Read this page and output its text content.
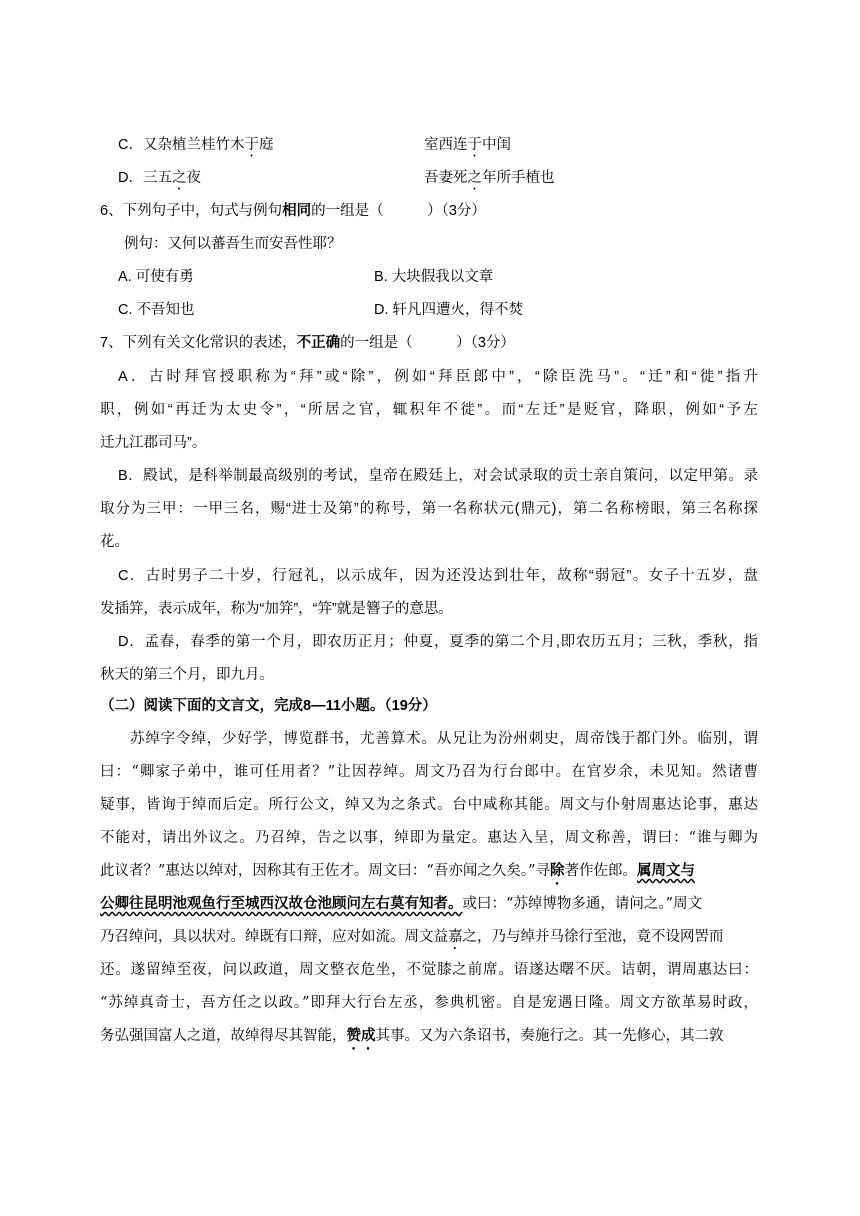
C．又杂植兰桂竹木于庭	室西连于中闺
D．三五之夜	吾妻死之年所手植也
6、下列句子中，句式与例句相同的一组是（　　　）（3分）
例句：又何以蕃吾生而安吾性耶？
A. 可使有勇	B. 大块假我以文章
C. 不吾知也	D. 轩凡四遭火，得不焚
7、下列有关文化常识的表述，不正确的一组是（　　　）（3分）
A．古时拜官授职称为“拜”或“除”，例如“拜臣郎中”，“除臣洗马”。“迁”和“徙”指升
职，例如“再迁为太史令”，“所居之官，辄积年不徙”。而“左迁”是贬官，降职，例如“予左
迁九江郡司马”。
B．殿试，是科举制最高级别的考试，皇帝在殿廷上，对会试录取的贡士亲自策问，以定甲第。录
取分为三甲：一甲三名，赐“进士及第”的称号，第一名称状元(鼎元)，第二名称榜眼，第三名称探
花。
C．古时男子二十岁，行冠礼，以示成年，因为还没达到壮年，故称“弱冠”。女子十五岁，盘
发插笄，表示成年，称为“加笄”，“笄”就是簪子的意思。
D．孟春，春季的第一个月，即农历正月；仲夏，夏季的第二个月,即农历五月；三秋，季秋，指
秋天的第三个月，即九月。
（二）阅读下面的文言文，完成8—11小题。（19分）
苏绰字令绰，少好学，博览群书，尤善算术。从兄让为汾州刺史，周帝饯于都门外。临别，谓
曰：“卿家子弟中，谁可任用者？”让因荐绰。周文乃召为行台郎中。在官岁余，未见知。然诸曹
疑事，皆询于绰而后定。所行公文，绰又为之条式。台中咸称其能。周文与仆射周惠达论事，惠达
不能对，请出外议之。乃召绰，告之以事，绰即为量定。惠达入呈，周文称善，谓曰：“谁与卿为
此议者？”惠达以绰对，因称其有王佐才。周文曰：“吾亦闻之久矣。”寻除著作佐郎。属周文与
公卿往昆明池观鱼行至城西汉故仓池顾问左右莫有知者。或曰：“苏绰博物多通，请问之。”周文
乃召绰问，具以状对。绰既有口辩，应对如流。周文益嘉之，乃与绰并马徐行至池，竟不设网罟而
还。遂留绰至夜，问以政道，周文整衣危坐，不觉膝之前席。语遂达曙不厌。诘朝，谓周惠达曰：
“苏绰真奇士，吾方任之以政。”即拜大行台左丞，参典机密。自是宠遇日隆。周文方欲革易时政，
务弘强国富人之道，故绰得尽其智能，赞成其事。又为六条诏书，奏施行之。其一先修心，其二敦
